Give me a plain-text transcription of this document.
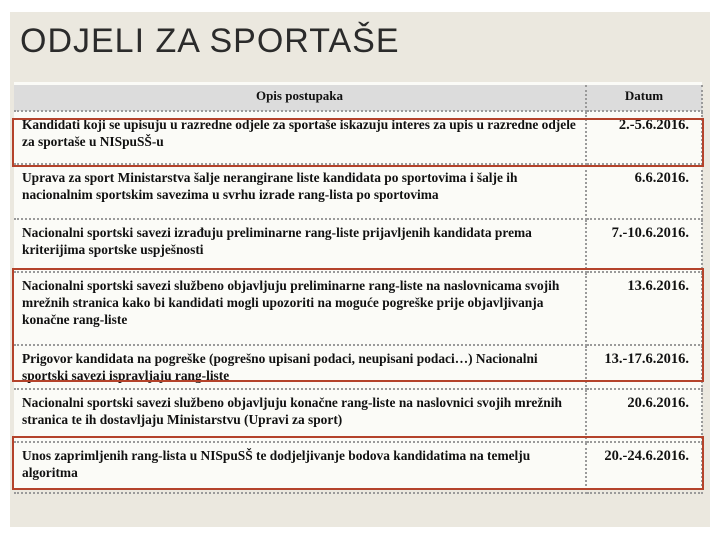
ODJELI ZA SPORTAŠE
Opis postupaka	Datum
Kandidati koji se upisuju u razredne odjele za sportaše iskazuju interes za upis u razredne odjele za sportaše u NISpuSŠ-u	2.-5.6.2016.
Uprava za sport Ministarstva šalje nerangirane liste kandidata po sportovima i šalje ih nacionalnim sportskim savezima u svrhu izrade rang-lista po sportovima	6.6.2016.
Nacionalni sportski savezi izrađuju preliminarne rang-liste prijavljenih kandidata prema kriterijima sportske uspješnosti	7.-10.6.2016.
Nacionalni sportski savezi službeno objavljuju preliminarne rang-liste na naslovnicama svojih mrežnih stranica kako bi kandidati mogli upozoriti na moguće pogreške prije objavljivanja konačne rang-liste	13.6.2016.
Prigovor kandidata na pogreške (pogrešno upisani podaci, neupisani podaci…) Nacionalni sportski savezi ispravljaju rang-liste	13.-17.6.2016.
Nacionalni sportski savezi službeno objavljuju konačne rang-liste na naslovnici svojih mrežnih stranica te ih dostavljaju Ministarstvu (Upravi za sport)	20.6.2016.
Unos zaprimljenih rang-lista u NISpuSŠ te dodjeljivanje bodova kandidatima na temelju algoritma	20.-24.6.2016.
